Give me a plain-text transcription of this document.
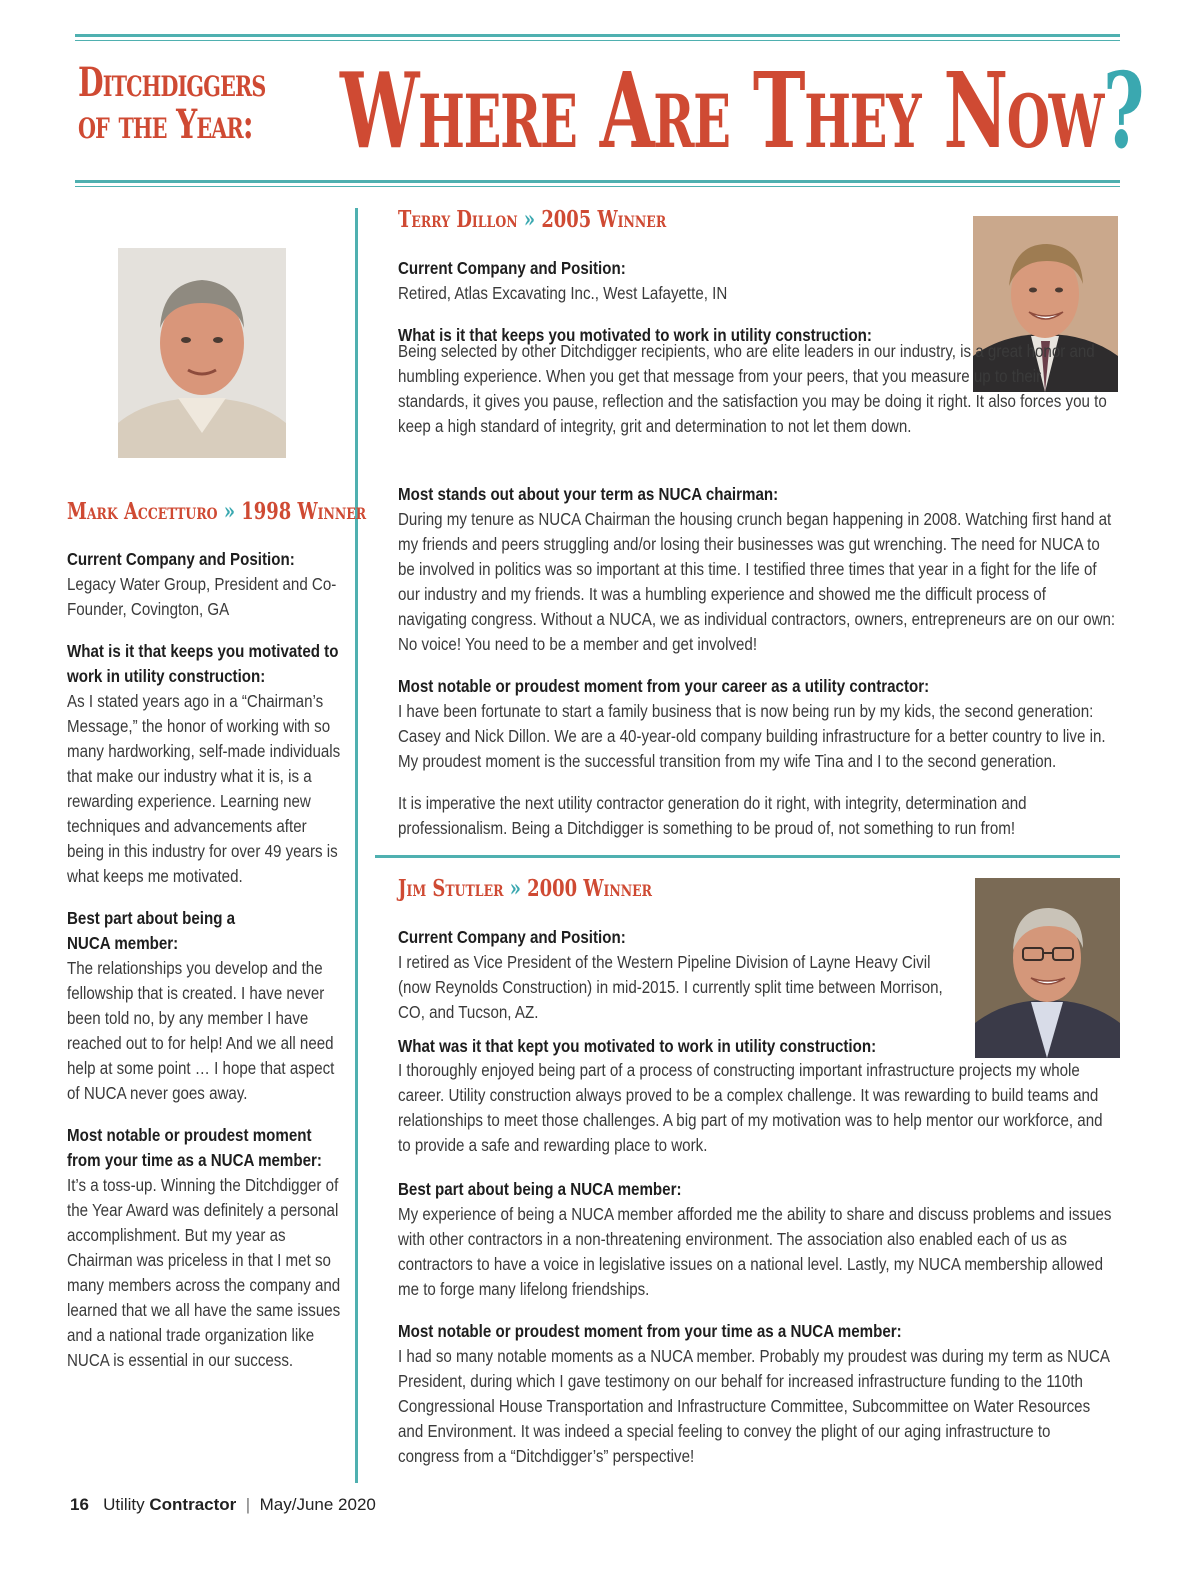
Ditchdiggers
of the Year: Where Are They Now?
Mark Accetturo » 1998 Winner

Current Company and Position:

Legacy Water Group, President and Co-Founder, Covington, GA

What is it that keeps you motivated to work in utility construction:

As I stated years ago in a “Chairman’s Message,” the honor of working with so many hardworking, self-made individuals that make our industry what it is, is a rewarding experience. Learning new techniques and advancements after being in this industry for over 49 years is what keeps me motivated.

Best part about being a NUCA member:

The relationships you develop and the fellowship that is created. I have never been told no, by any member I have reached out to for help! And we all need help at some point … I hope that aspect of NUCA never goes away.

Most notable or proudest moment from your time as a NUCA member:

It’s a toss-up. Winning the Ditchdigger of the Year Award was definitely a personal accomplishment. But my year as Chairman was priceless in that I met so many members across the company and learned that we all have the same issues and a national trade organization like NUCA is essential in our success.

Terry Dillon » 2005 Winner

Current Company and Position:

Retired, Atlas Excavating Inc., West Lafayette, IN

What is it that keeps you motivated to work in utility construction:

Being selected by other Ditchdigger recipients, who are elite leaders in our industry, is a great honor and humbling experience. When you get that message from your peers, that you measure up to their standards, it gives you pause, reflection and the satisfaction you may be doing it right. It also forces you to keep a high standard of integrity, grit and determination to not let them down.

Most stands out about your term as NUCA chairman:

During my tenure as NUCA Chairman the housing crunch began happening in 2008. Watching first hand at my friends and peers struggling and/or losing their businesses was gut wrenching. The need for NUCA to be involved in politics was so important at this time. I testified three times that year in a fight for the life of our industry and my friends. It was a humbling experience and showed me the difficult process of navigating congress. Without a NUCA, we as individual contractors, owners, entrepreneurs are on our own: No voice! You need to be a member and get involved!

Most notable or proudest moment from your career as a utility contractor:

I have been fortunate to start a family business that is now being run by my kids, the second generation: Casey and Nick Dillon. We are a 40-year-old company building infrastructure for a better country to live in. My proudest moment is the successful transition from my wife Tina and I to the second generation.

It is imperative the next utility contractor generation do it right, with integrity, determination and professionalism. Being a Ditchdigger is something to be proud of, not something to run from!

Jim Stutler » 2000 Winner

Current Company and Position:

I retired as Vice President of the Western Pipeline Division of Layne Heavy Civil (now Reynolds Construction) in mid-2015. I currently split time between Morrison, CO, and Tucson, AZ.

What was it that kept you motivated to work in utility construction:

I thoroughly enjoyed being part of a process of constructing important infrastructure projects my whole career. Utility construction always proved to be a complex challenge. It was rewarding to build teams and relationships to meet those challenges. A big part of my motivation was to help mentor our workforce, and to provide a safe and rewarding place to work.

Best part about being a NUCA member:

My experience of being a NUCA member afforded me the ability to share and discuss problems and issues with other contractors in a non-threatening environment. The association also enabled each of us as contractors to have a voice in legislative issues on a national level. Lastly, my NUCA membership allowed me to forge many lifelong friendships.

Most notable or proudest moment from your time as a NUCA member:

I had so many notable moments as a NUCA member. Probably my proudest was during my term as NUCA President, during which I gave testimony on our behalf for increased infrastructure funding to the 110th Congressional House Transportation and Infrastructure Committee, Subcommittee on Water Resources and Environment. It was indeed a special feeling to convey the plight of our aging infrastructure to congress from a “Ditchdigger’s” perspective!

16 Utility Contractor | May/June 2020
